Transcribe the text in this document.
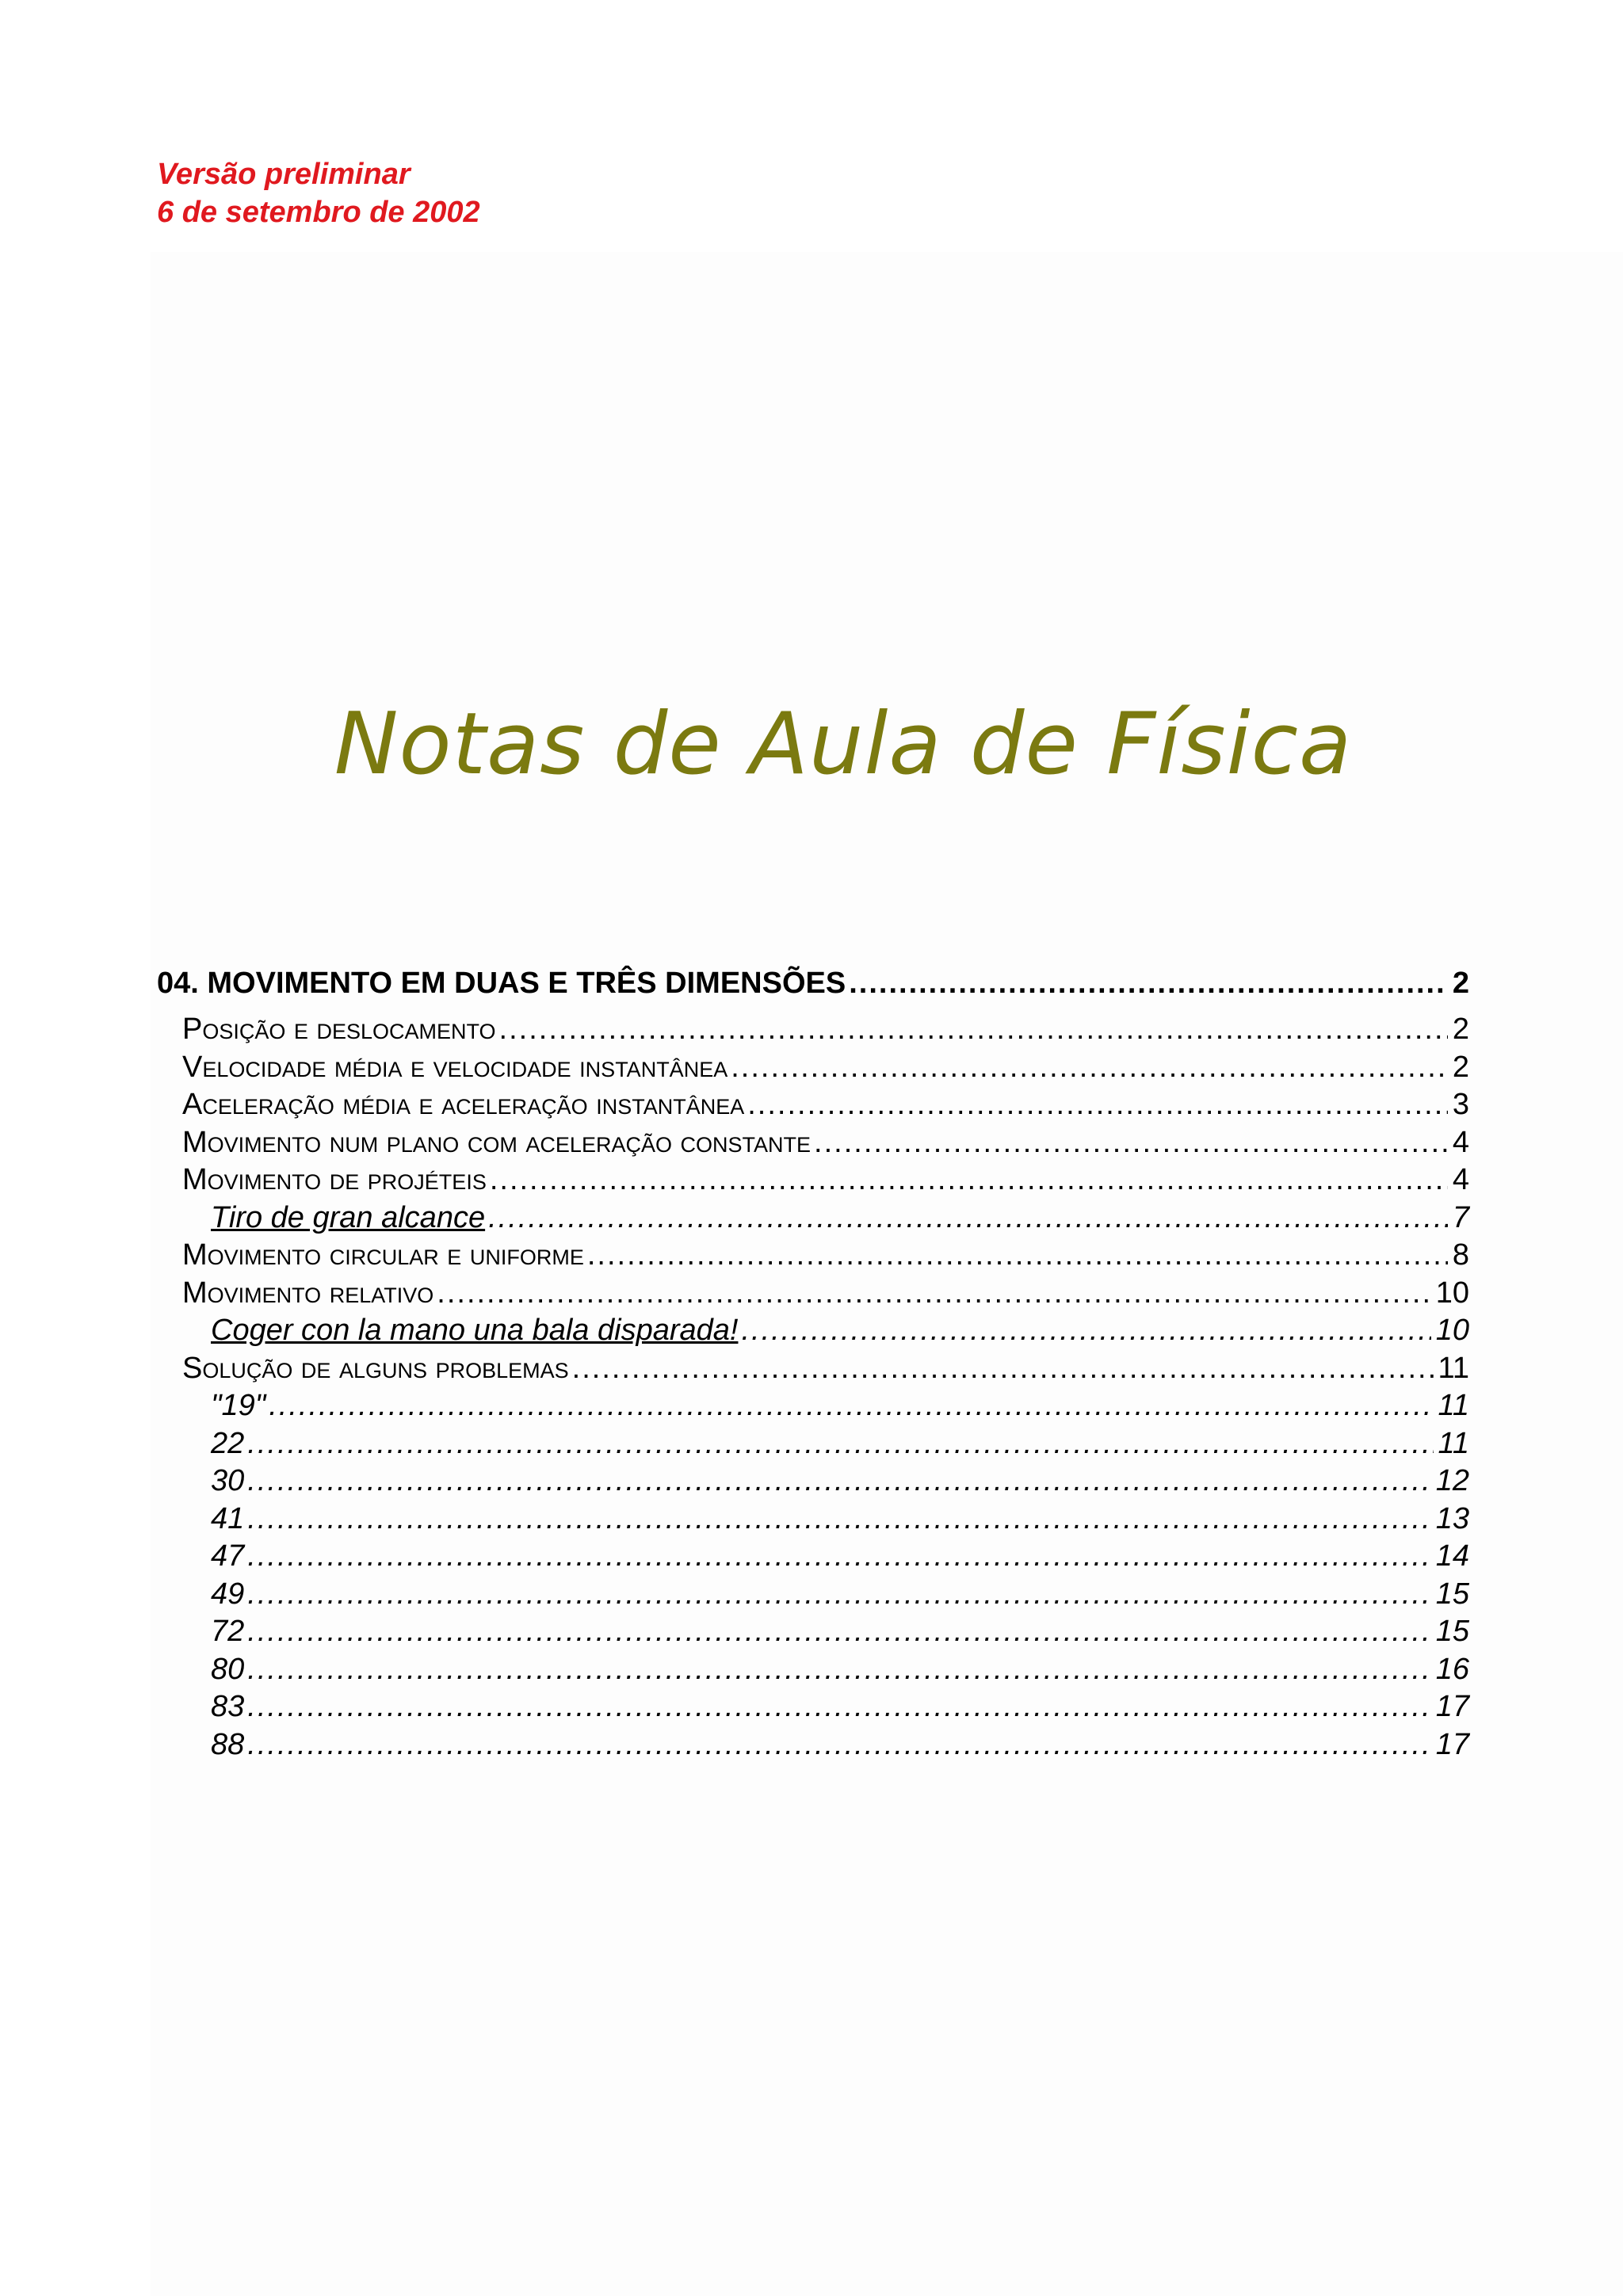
Versão preliminar
6 de setembro de 2002
Notas de Aula de Física
04. MOVIMENTO EM DUAS E TRÊS DIMENSÕES .....	2
Posição e deslocamento .....	2
Velocidade média e velocidade instantânea .....	2
Aceleração média e aceleração instantânea .....	3
Movimento num plano com aceleração constante .....	4
Movimento de projéteis .....	4
Tiro de gran alcance .....	7
Movimento circular e uniforme .....	8
Movimento relativo .....	10
Coger con la mano una bala disparada! .....	10
Solução de alguns problemas .....	11
"19" .....	11
22 .....	11
30 .....	12
41 .....	13
47 .....	14
49 .....	15
72 .....	15
80 .....	16
83 .....	17
88 .....	17
